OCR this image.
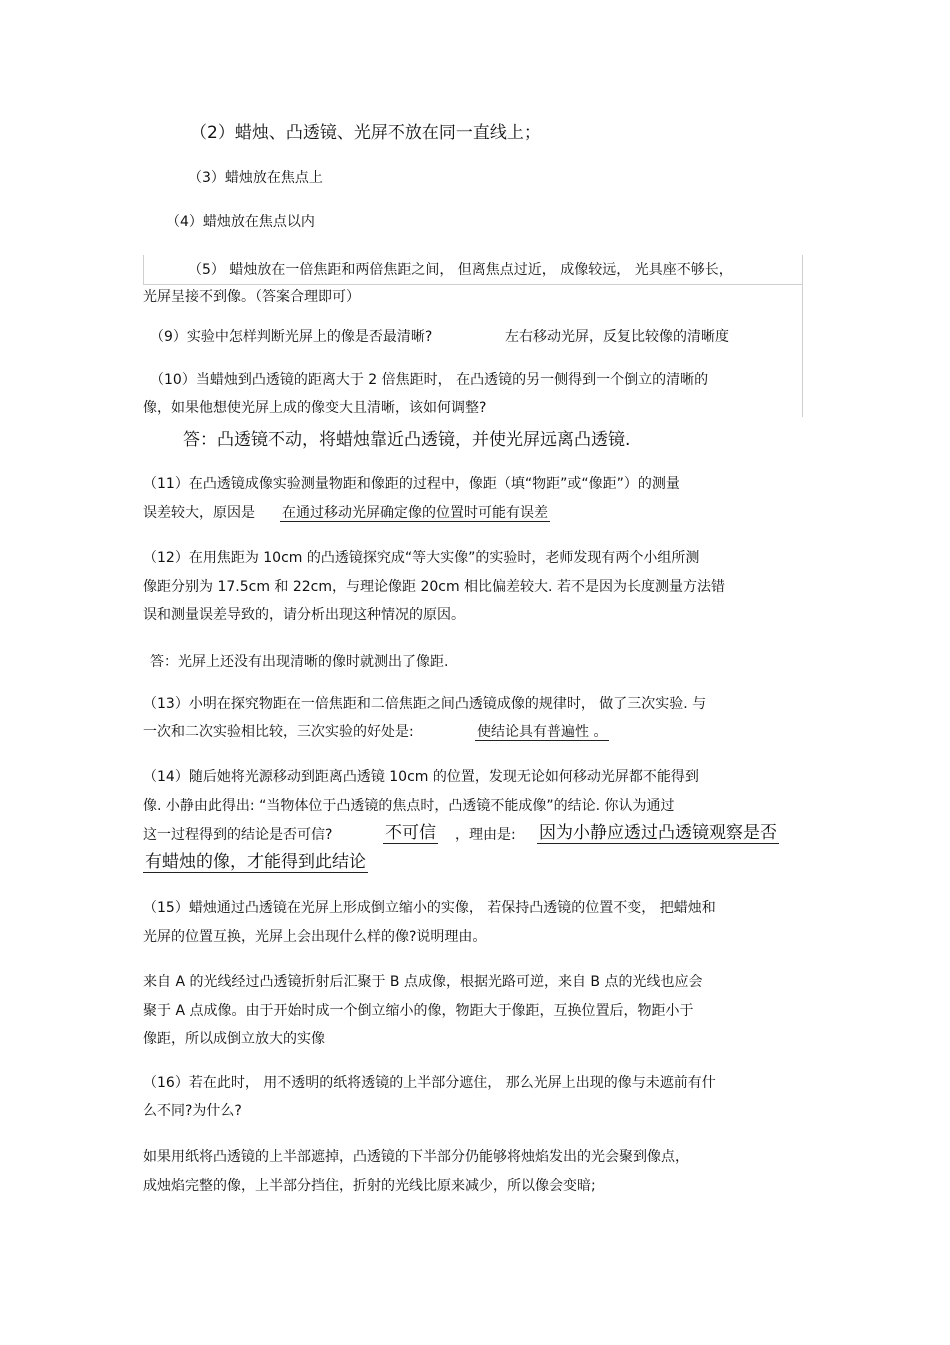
（2）蜡烛、凸透镜、光屏不放在同一直线上；
（3）蜡烛放在焦点上
（4）蜡烛放在焦点以内
（5） 蜡烛放在一倍焦距和两倍焦距之间， 但离焦点过近， 成像较远， 光具座不够长，
光屏呈接不到像。（答案合理即可）
（9）实验中怎样判断光屏上的像是否最清晰?	左右移动光屏，反复比较像的清晰度
（10）当蜡烛到凸透镜的距离大于 2 倍焦距时， 在凸透镜的另一侧得到一个倒立的清晰的
像，如果他想使光屏上成的像变大且清晰，该如何调整?
答：凸透镜不动，将蜡烛靠近凸透镜，并使光屏远离凸透镜.
（11）在凸透镜成像实验测量物距和像距的过程中，像距（填“物距”或“像距”）的测量
误差较大，原因是 在通过移动光屏确定像的位置时可能有误差
（12）在用焦距为 10cm 的凸透镜探究成“等大实像”的实验时，老师发现有两个小组所测
像距分别为 17.5cm 和 22cm，与理论像距 20cm 相比偏差较大. 若不是因为长度测量方法错
误和测量误差导致的，请分析出现这种情况的原因。
答：光屏上还没有出现清晰的像时就测出了像距.
（13）小明在探究物距在一倍焦距和二倍焦距之间凸透镜成像的规律时， 做了三次实验. 与
一次和二次实验相比较，三次实验的好处是:	使结论具有普遍性 。
（14）随后她将光源移动到距离凸透镜 10cm 的位置，发现无论如何移动光屏都不能得到
像. 小静由此得出: “当物体位于凸透镜的焦点时，凸透镜不能成像”的结论. 你认为通过
这一过程得到的结论是否可信?	不可信 ，理由是: 因为小静应透过凸透镜观察是否
有蜡烛的像，才能得到此结论
（15）蜡烛通过凸透镜在光屏上形成倒立缩小的实像， 若保持凸透镜的位置不变， 把蜡烛和
光屏的位置互换，光屏上会出现什么样的像?说明理由。
来自 A 的光线经过凸透镜折射后汇聚于 B 点成像，根据光路可逆，来自 B 点的光线也应会
聚于 A 点成像。由于开始时成一个倒立缩小的像，物距大于像距，互换位置后，物距小于
像距，所以成倒立放大的实像
（16）若在此时， 用不透明的纸将透镜的上半部分遮住， 那么光屏上出现的像与未遮前有什
么不同?为什么?
如果用纸将凸透镜的上半部遮掉，凸透镜的下半部分仍能够将烛焰发出的光会聚到像点，
成烛焰完整的像，上半部分挡住，折射的光线比原来减少，所以像会变暗;
